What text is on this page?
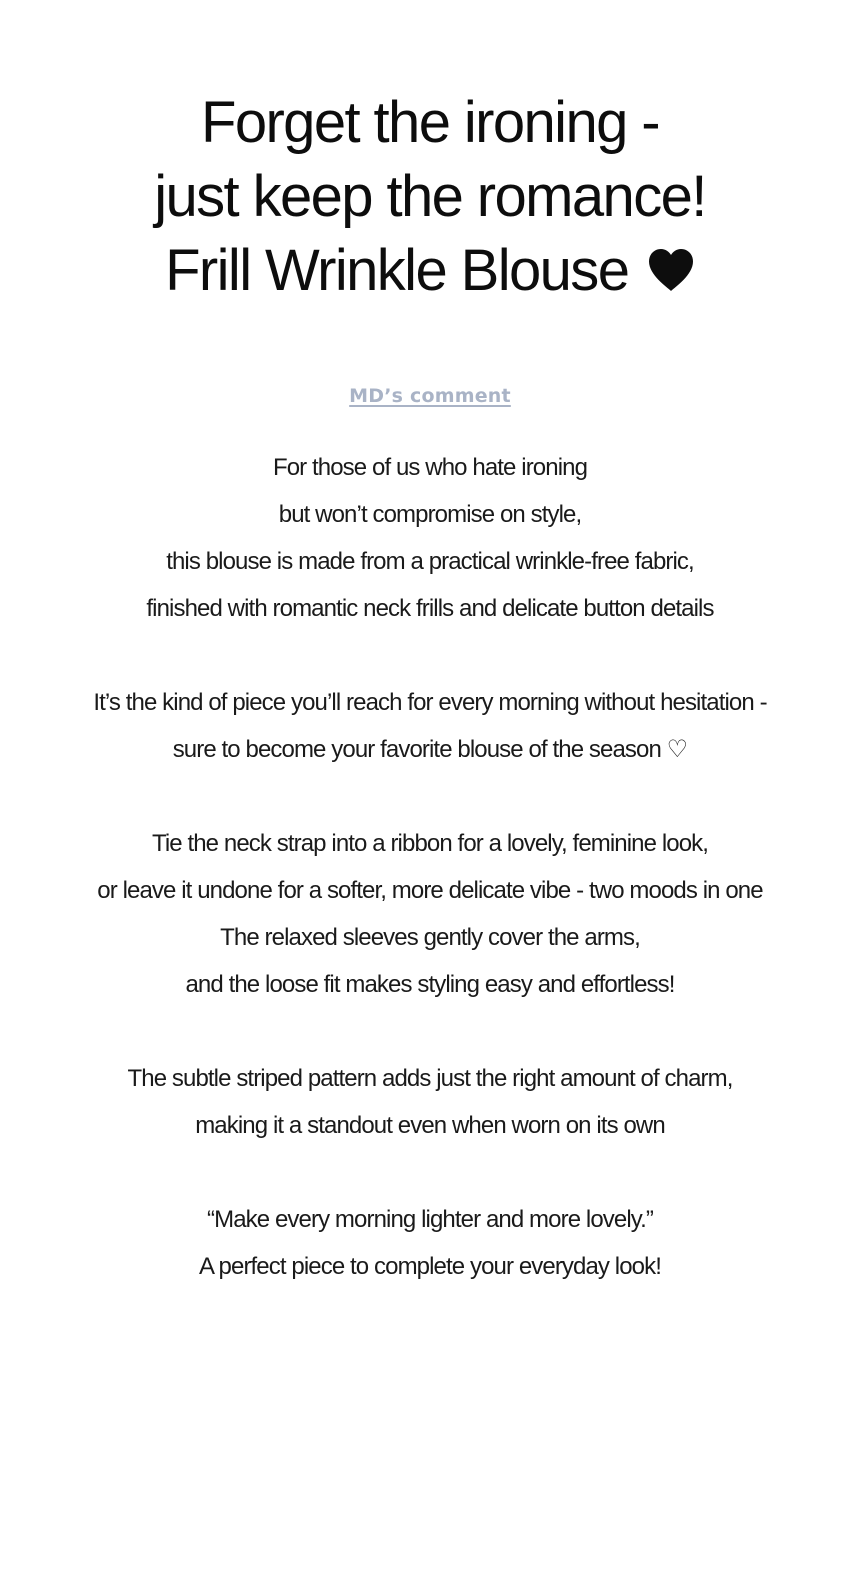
Forget the ironing -
just keep the romance!
Frill Wrinkle Blouse
MD’s comment
For those of us who hate ironing
but won’t compromise on style,
this blouse is made from a practical wrinkle-free fabric,
finished with romantic neck frills and delicate button details
It’s the kind of piece you’ll reach for every morning without hesitation -
sure to become your favorite blouse of the season ♡
Tie the neck strap into a ribbon for a lovely, feminine look,
or leave it undone for a softer, more delicate vibe - two moods in one
The relaxed sleeves gently cover the arms,
and the loose fit makes styling easy and effortless!
The subtle striped pattern adds just the right amount of charm,
making it a standout even when worn on its own
“Make every morning lighter and more lovely.”
A perfect piece to complete your everyday look!
